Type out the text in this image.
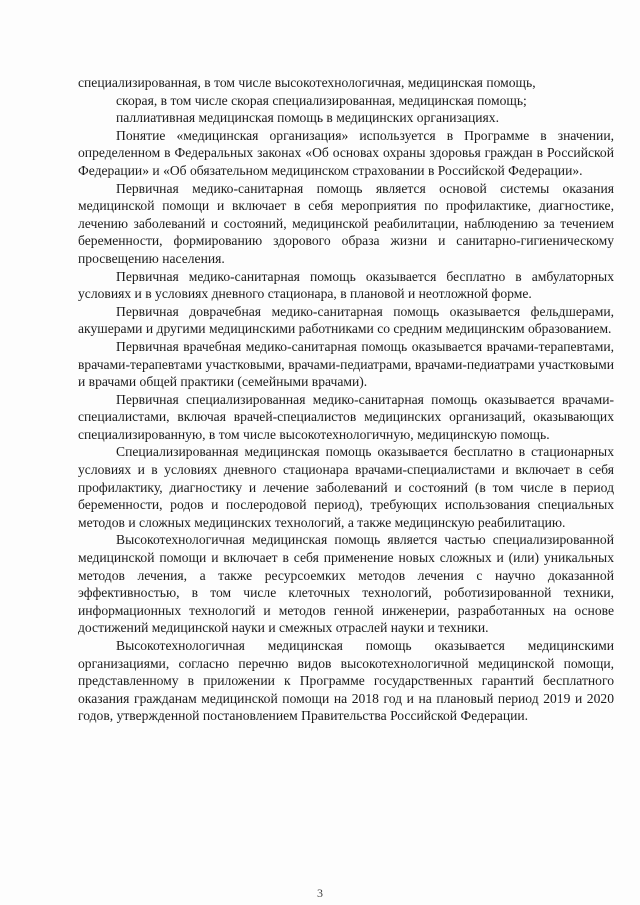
специализированная, в том числе высокотехнологичная, медицинская помощь,

скорая, в том числе скорая специализированная, медицинская помощь;

паллиативная медицинская помощь в медицинских организациях.

Понятие «медицинская организация» используется в Программе в значении, определенном в Федеральных законах «Об основах охраны здоровья граждан в Российской Федерации» и «Об обязательном медицинском страховании в Российской Федерации».

Первичная медико-санитарная помощь является основой системы оказания медицинской помощи и включает в себя мероприятия по профилактике, диагностике, лечению заболеваний и состояний, медицинской реабилитации, наблюдению за течением беременности, формированию здорового образа жизни и санитарно-гигиеническому просвещению населения.

Первичная медико-санитарная помощь оказывается бесплатно в амбулаторных условиях и в условиях дневного стационара, в плановой и неотложной форме.

Первичная доврачебная медико-санитарная помощь оказывается фельдшерами, акушерами и другими медицинскими работниками со средним медицинским образованием.

Первичная врачебная медико-санитарная помощь оказывается врачами-терапевтами, врачами-терапевтами участковыми, врачами-педиатрами, врачами-педиатрами участковыми и врачами общей практики (семейными врачами).

Первичная специализированная медико-санитарная помощь оказывается врачами-специалистами, включая врачей-специалистов медицинских организаций, оказывающих специализированную, в том числе высокотехнологичную, медицинскую помощь.

Специализированная медицинская помощь оказывается бесплатно в стационарных условиях и в условиях дневного стационара врачами-специалистами и включает в себя профилактику, диагностику и лечение заболеваний и состояний (в том числе в период беременности, родов и послеродовой период), требующих использования специальных методов и сложных медицинских технологий, а также медицинскую реабилитацию.

Высокотехнологичная медицинская помощь является частью специализированной медицинской помощи и включает в себя применение новых сложных и (или) уникальных методов лечения, а также ресурсоемких методов лечения с научно доказанной эффективностью, в том числе клеточных технологий, роботизированной техники, информационных технологий и методов генной инженерии, разработанных на основе достижений медицинской науки и смежных отраслей науки и техники.

Высокотехнологичная медицинская помощь оказывается медицинскими организациями, согласно перечню видов высокотехнологичной медицинской помощи, представленному в приложении к Программе государственных гарантий бесплатного оказания гражданам медицинской помощи на 2018 год и на плановый период 2019 и 2020 годов, утвержденной постановлением Правительства Российской Федерации.

3
